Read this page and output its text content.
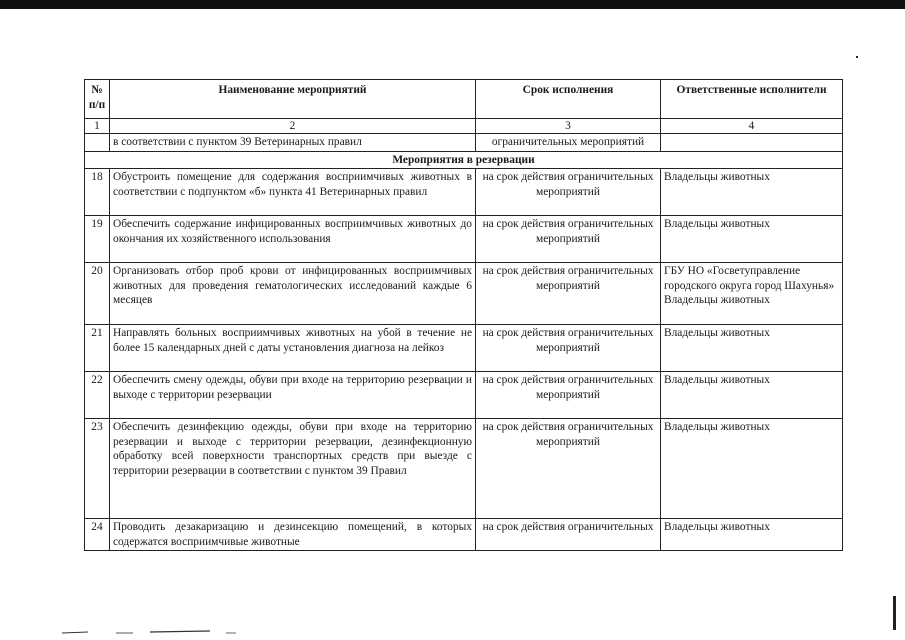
№ п/п	Наименование мероприятий	Срок исполнения	Ответственные исполнители
1	2	3	4
	в соответствии с пунктом 39 Ветеринарных правил	ограничительных мероприятий	
Мероприятия в резервации			
18	Обустроить помещение для содержания восприимчивых животных в соответствии с подпунктом «б» пункта 41 Ветеринарных правил	на срок действия ограничительных мероприятий	Владельцы животных
19	Обеспечить содержание инфицированных восприимчивых животных до окончания их хозяйственного использования	на срок действия ограничительных мероприятий	Владельцы животных
20	Организовать отбор проб крови от инфицированных восприимчивых животных для проведения гематологических исследований каждые 6 месяцев	на срок действия ограничительных мероприятий	ГБУ НО «Госветуправление городского округа город Шахунья» Владельцы животных
21	Направлять больных восприимчивых животных на убой в течение не более 15 календарных дней с даты установления диагноза на лейкоз	на срок действия ограничительных мероприятий	Владельцы животных
22	Обеспечить смену одежды, обуви при входе на территорию резервации и выходе с территории резервации	на срок действия ограничительных мероприятий	Владельцы животных
23	Обеспечить дезинфекцию одежды, обуви при входе на территорию резервации и выходе с территории резервации, дезинфекционную обработку всей поверхности транспортных средств при выезде с территории резервации в соответствии с пунктом 39 Правил	на срок действия ограничительных мероприятий	Владельцы животных
24	Проводить дезакаризацию и дезинсекцию помещений, в которых содержатся восприимчивые животные	на срок действия ограничительных	Владельцы животных
